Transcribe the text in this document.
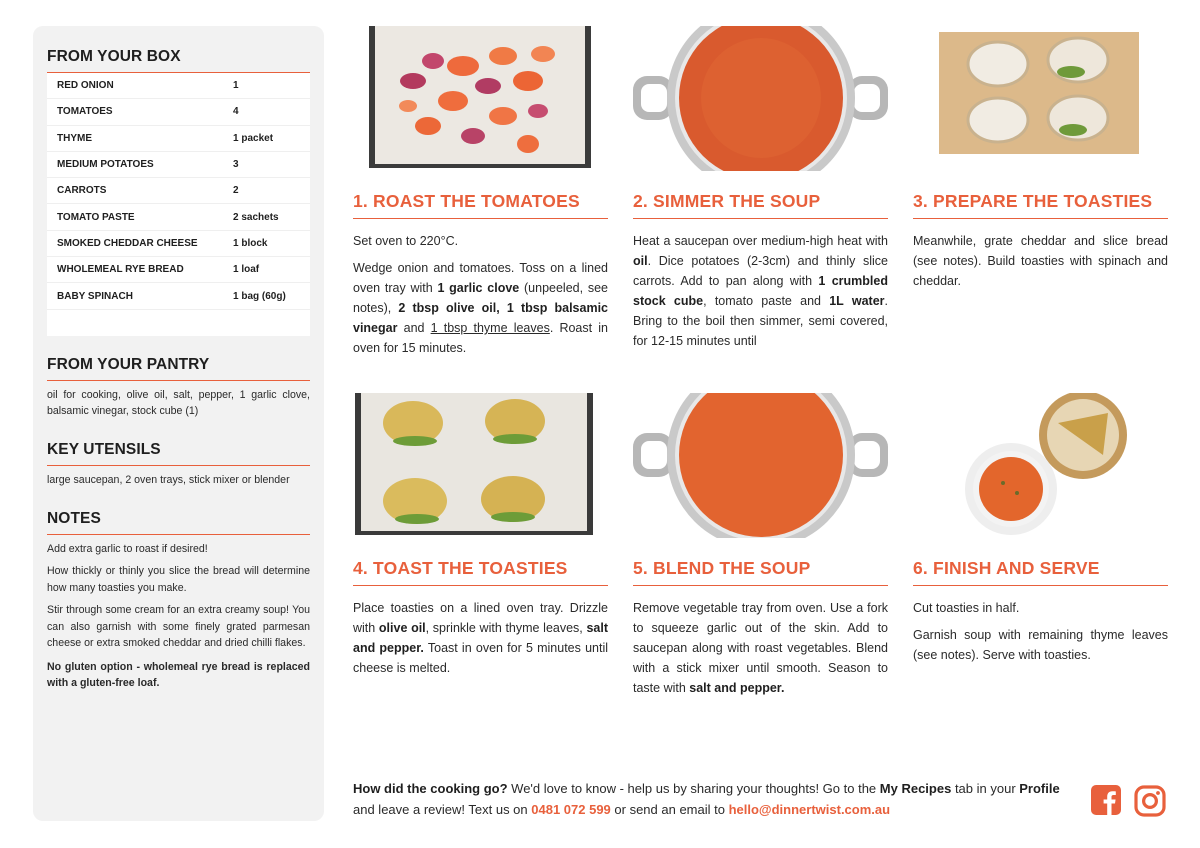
FROM YOUR BOX
RED ONION	1
TOMATOES	4
THYME	1 packet
MEDIUM POTATOES	3
CARROTS	2
TOMATO PASTE	2 sachets
SMOKED CHEDDAR CHEESE	1 block
WHOLEMEAL RYE BREAD	1 loaf
BABY SPINACH	1 bag (60g)
FROM YOUR PANTRY
oil for cooking, olive oil, salt, pepper, 1 garlic clove, balsamic vinegar, stock cube (1)
KEY UTENSILS
large saucepan, 2 oven trays, stick mixer or blender
NOTES

Add extra garlic to roast if desired!

How thickly or thinly you slice the bread will determine how many toasties you make.

Stir through some cream for an extra creamy soup! You can also garnish with some finely grated parmesan cheese or extra smoked cheddar and dried chilli flakes.

No gluten option - wholemeal rye bread is replaced with a gluten-free loaf.

1. ROAST THE TOMATOES

Set oven to 220°C.

Wedge onion and tomatoes. Toss on a lined oven tray with 1 garlic clove (unpeeled, see notes), 2 tbsp olive oil, 1 tbsp balsamic vinegar and 1 tbsp thyme leaves. Roast in oven for 15 minutes.

2. SIMMER THE SOUP

Heat a saucepan over medium-high heat with oil. Dice potatoes (2-3cm) and thinly slice carrots. Add to pan along with 1 crumbled stock cube, tomato paste and 1L water. Bring to the boil then simmer, semi covered, for 12-15 minutes until

3. PREPARE THE TOASTIES

Meanwhile, grate cheddar and slice bread (see notes). Build toasties with spinach and cheddar.

4. TOAST THE TOASTIES

Place toasties on a lined oven tray. Drizzle with olive oil, sprinkle with thyme leaves, salt and pepper. Toast in oven for 5 minutes until cheese is melted.

5. BLEND THE SOUP

Remove vegetable tray from oven. Use a fork to squeeze garlic out of the skin. Add to saucepan along with roast vegetables. Blend with a stick mixer until smooth. Season to taste with salt and pepper.

6. FINISH AND SERVE

Cut toasties in half.

Garnish soup with remaining thyme leaves (see notes). Serve with toasties.

How did the cooking go? We'd love to know - help us by sharing your thoughts! Go to the My Recipes tab in your Profile and leave a review! Text us on 0481 072 599 or send an email to hello@dinnertwist.com.au
